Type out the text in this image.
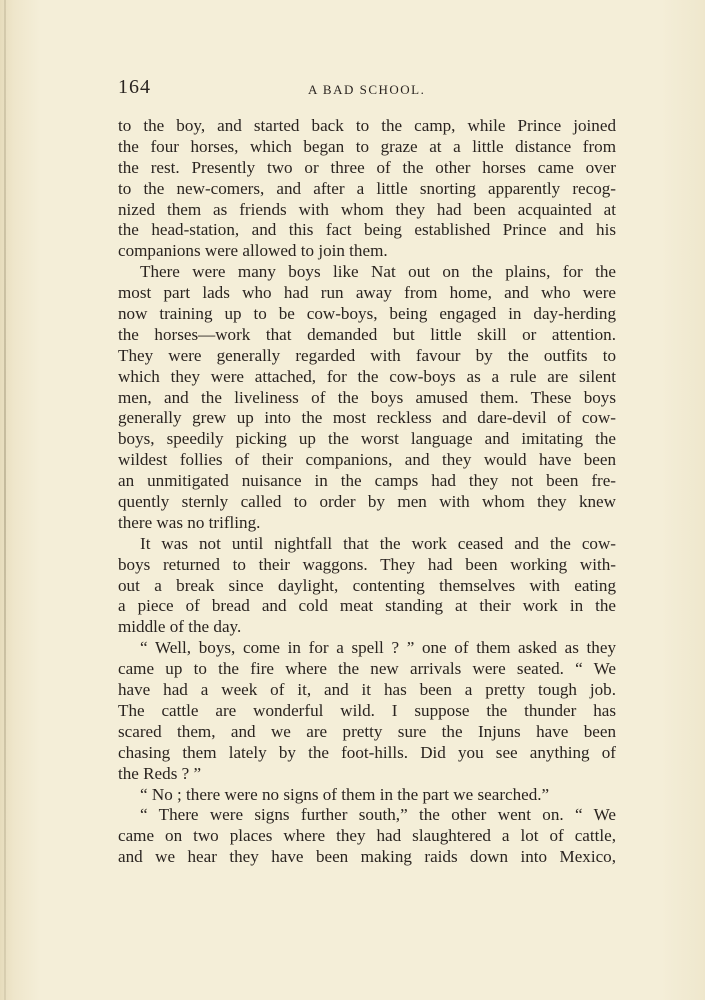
164	A BAD SCHOOL.
to the boy, and started back to the camp, while Prince joined
the four horses, which began to graze at a little distance from
the rest. Presently two or three of the other horses came over
to the new-comers, and after a little snorting apparently recog-
nized them as friends with whom they had been acquainted at
the head-station, and this fact being established Prince and his
companions were allowed to join them.
There were many boys like Nat out on the plains, for the
most part lads who had run away from home, and who were
now training up to be cow-boys, being engaged in day-herding
the horses—work that demanded but little skill or attention.
They were generally regarded with favour by the outfits to
which they were attached, for the cow-boys as a rule are silent
men, and the liveliness of the boys amused them. These boys
generally grew up into the most reckless and dare-devil of cow-
boys, speedily picking up the worst language and imitating the
wildest follies of their companions, and they would have been
an unmitigated nuisance in the camps had they not been fre-
quently sternly called to order by men with whom they knew
there was no trifling.
It was not until nightfall that the work ceased and the cow-
boys returned to their waggons. They had been working with-
out a break since daylight, contenting themselves with eating
a piece of bread and cold meat standing at their work in the
middle of the day.
“ Well, boys, come in for a spell ? ” one of them asked as they
came up to the fire where the new arrivals were seated. “ We
have had a week of it, and it has been a pretty tough job.
The cattle are wonderful wild. I suppose the thunder has
scared them, and we are pretty sure the Injuns have been
chasing them lately by the foot-hills. Did you see anything of
the Reds ? ”
“ No ; there were no signs of them in the part we searched.”
“ There were signs further south,” the other went on. “ We
came on two places where they had slaughtered a lot of cattle,
and we hear they have been making raids down into Mexico,
